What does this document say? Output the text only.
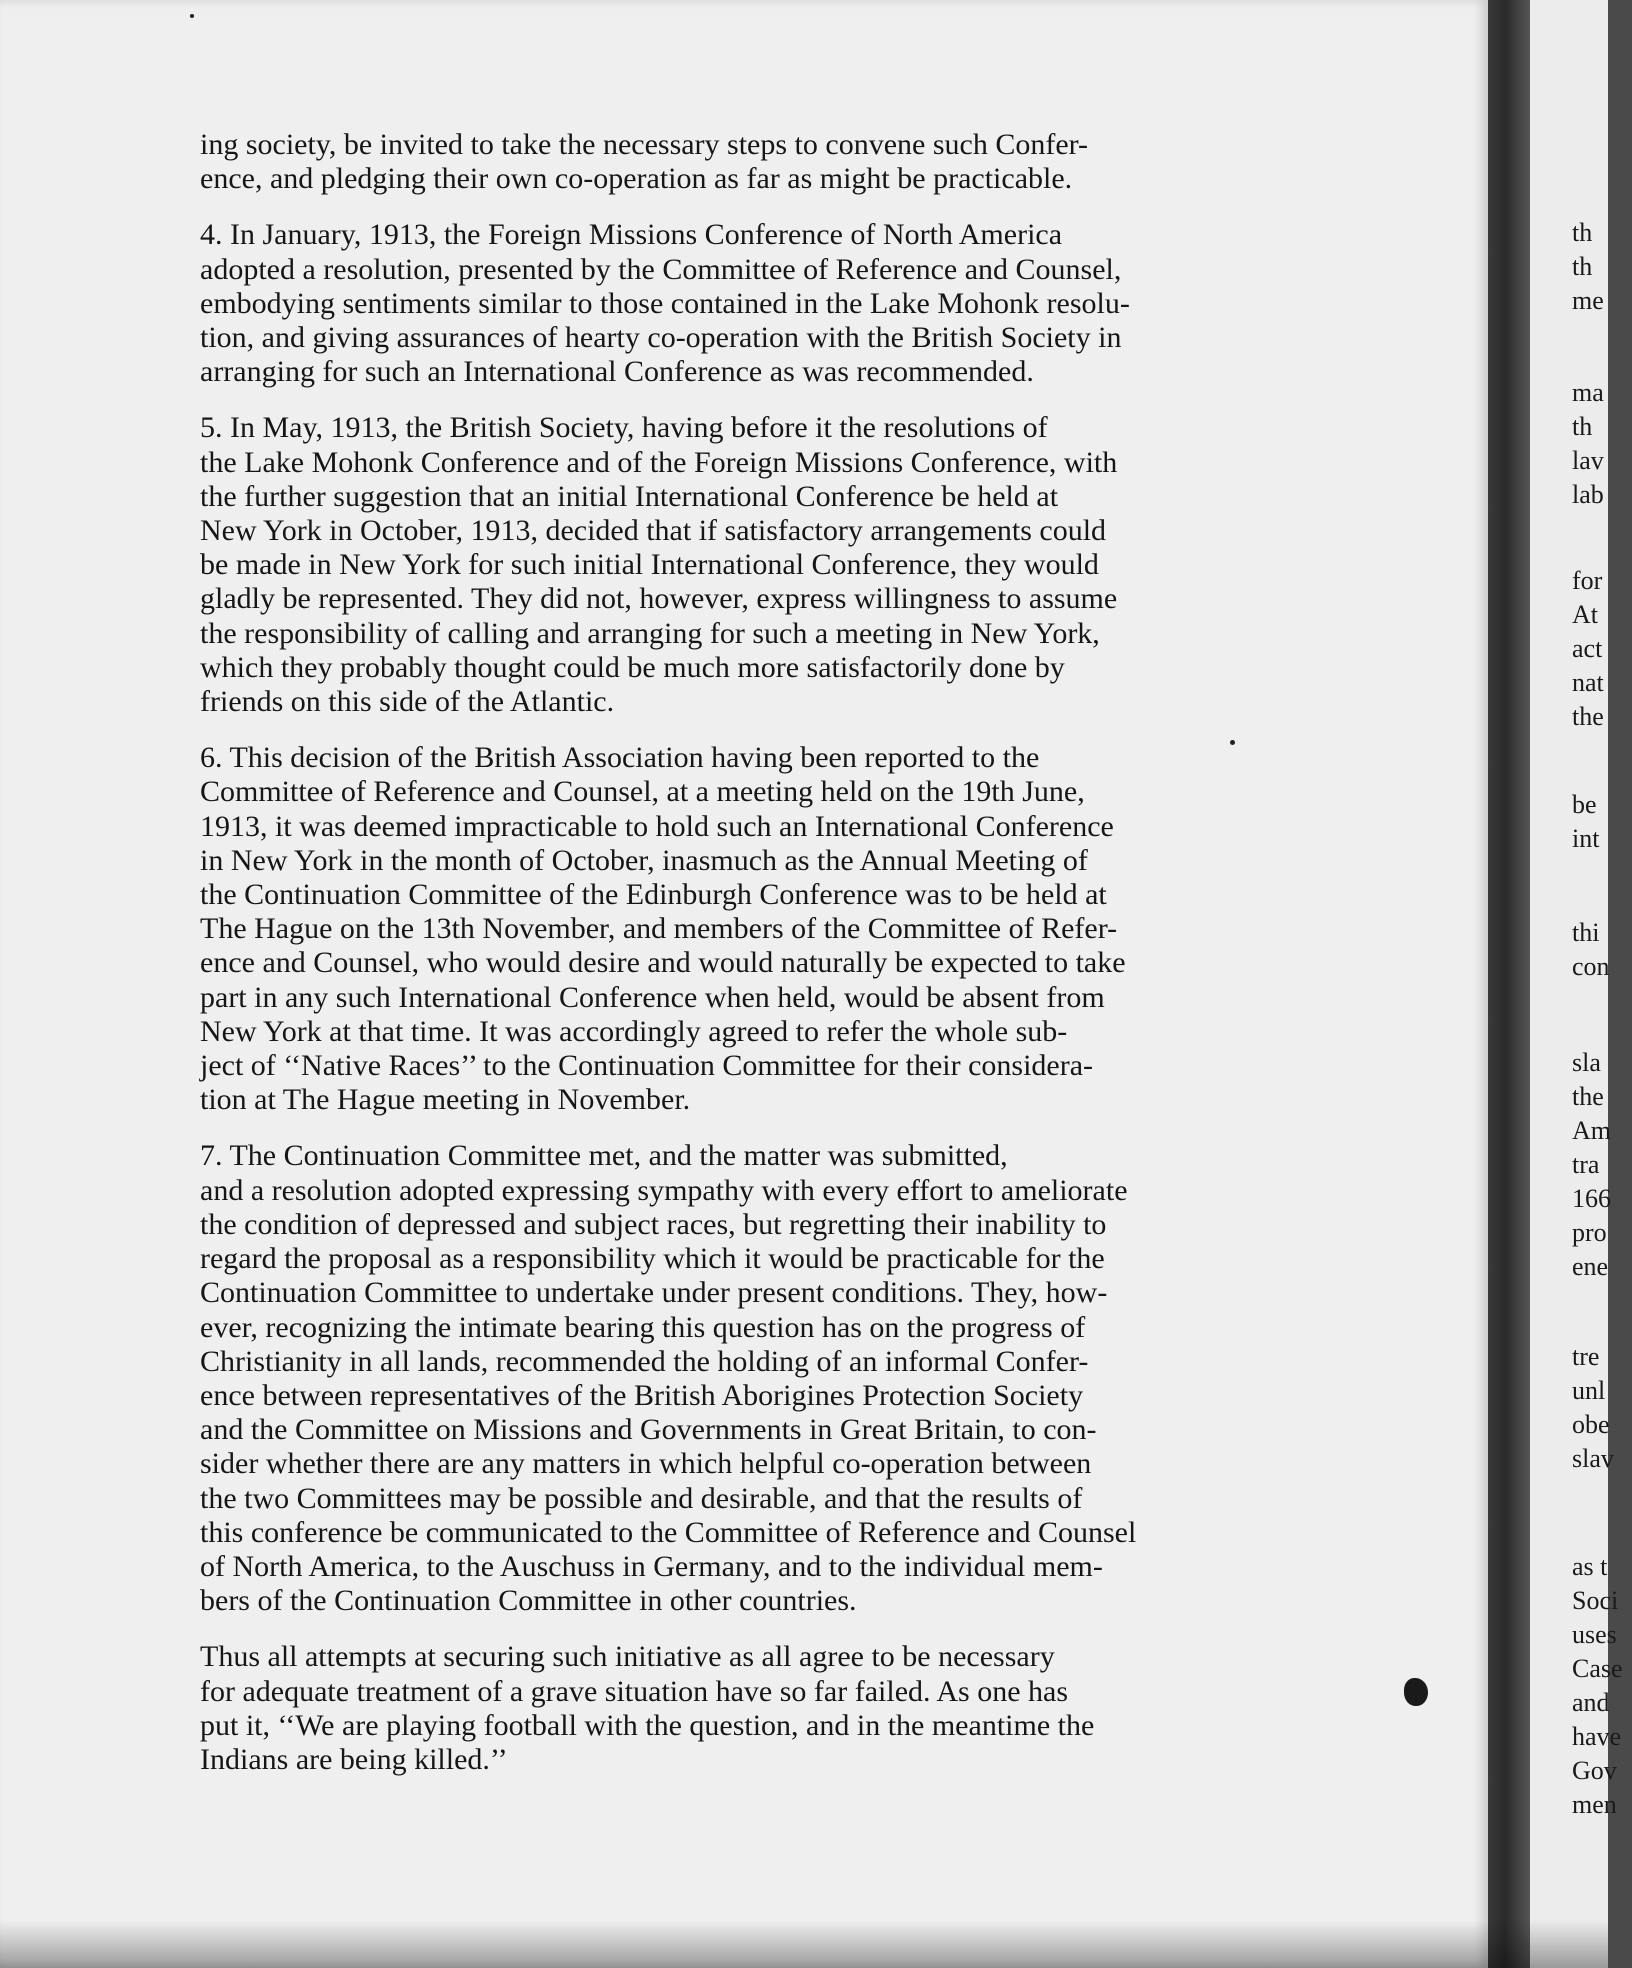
ing society, be invited to take the necessary steps to convene such Confer-
ence, and pledging their own co-operation as far as might be practicable.

4. In January, 1913, the Foreign Missions Conference of North America
adopted a resolution, presented by the Committee of Reference and Counsel,
embodying sentiments similar to those contained in the Lake Mohonk resolu-
tion, and giving assurances of hearty co-operation with the British Society in
arranging for such an International Conference as was recommended.

5. In May, 1913, the British Society, having before it the resolutions of
the Lake Mohonk Conference and of the Foreign Missions Conference, with
the further suggestion that an initial International Conference be held at
New York in October, 1913, decided that if satisfactory arrangements could
be made in New York for such initial International Conference, they would
gladly be represented. They did not, however, express willingness to assume
the responsibility of calling and arranging for such a meeting in New York,
which they probably thought could be much more satisfactorily done by
friends on this side of the Atlantic.

6. This decision of the British Association having been reported to the
Committee of Reference and Counsel, at a meeting held on the 19th June,
1913, it was deemed impracticable to hold such an International Conference
in New York in the month of October, inasmuch as the Annual Meeting of
the Continuation Committee of the Edinburgh Conference was to be held at
The Hague on the 13th November, and members of the Committee of Refer-
ence and Counsel, who would desire and would naturally be expected to take
part in any such International Conference when held, would be absent from
New York at that time. It was accordingly agreed to refer the whole sub-
ject of ‘‘Native Races’’ to the Continuation Committee for their considera-
tion at The Hague meeting in November.

7. The Continuation Committee met, and the matter was submitted,
and a resolution adopted expressing sympathy with every effort to ameliorate
the condition of depressed and subject races, but regretting their inability to
regard the proposal as a responsibility which it would be practicable for the
Continuation Committee to undertake under present conditions. They, how-
ever, recognizing the intimate bearing this question has on the progress of
Christianity in all lands, recommended the holding of an informal Confer-
ence between representatives of the British Aborigines Protection Society
and the Committee on Missions and Governments in Great Britain, to con-
sider whether there are any matters in which helpful co-operation between
the two Committees may be possible and desirable, and that the results of
this conference be communicated to the Committee of Reference and Counsel
of North America, to the Auschuss in Germany, and to the individual mem-
bers of the Continuation Committee in other countries.

Thus all attempts at securing such initiative as all agree to be necessary
for adequate treatment of a grave situation have so far failed. As one has
put it, ‘‘We are playing football with the question, and in the meantime the
Indians are being killed.’’

th
th
me
ma
th
lav
lab
for
At
act
nat
the
be
int
thi
con
sla
the
Am
tra
166
pro
ene
tre
unl
obe
slav
as t
Soci
uses
Case
and
have
Gov
men
